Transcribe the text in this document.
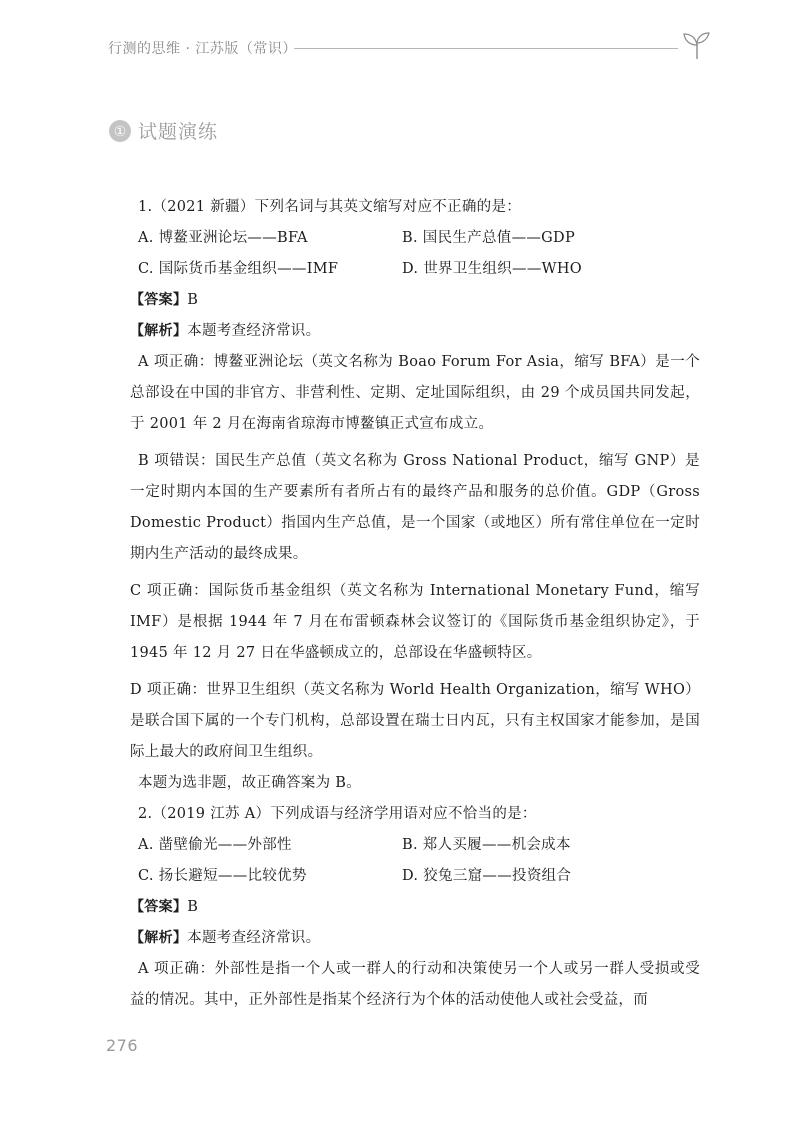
行测的思维 · 江苏版（常识）
① 试题演练
1.（2021 新疆）下列名词与其英文缩写对应不正确的是：
A. 博鳌亚洲论坛——BFA	B. 国民生产总值——GDP
C. 国际货币基金组织——IMF	D. 世界卫生组织——WHO
【答案】B
【解析】本题考查经济常识。
A 项正确：博鳌亚洲论坛（英文名称为 Boao Forum For Asia，缩写 BFA）是一个总部设在中国的非官方、非营利性、定期、定址国际组织，由 29 个成员国共同发起，于 2001 年 2 月在海南省琼海市博鳌镇正式宣布成立。
B 项错误：国民生产总值（英文名称为 Gross National Product，缩写 GNP）是一定时期内本国的生产要素所有者所占有的最终产品和服务的总价值。GDP（Gross Domestic Product）指国内生产总值，是一个国家（或地区）所有常住单位在一定时期内生产活动的最终成果。
C 项正确：国际货币基金组织（英文名称为 International Monetary Fund，缩写 IMF）是根据 1944 年 7 月在布雷顿森林会议签订的《国际货币基金组织协定》，于 1945 年 12 月 27 日在华盛顿成立的，总部设在华盛顿特区。
D 项正确：世界卫生组织（英文名称为 World Health Organization，缩写 WHO）是联合国下属的一个专门机构，总部设置在瑞士日内瓦，只有主权国家才能参加，是国际上最大的政府间卫生组织。
本题为选非题，故正确答案为 B。
2.（2019 江苏 A）下列成语与经济学用语对应不恰当的是：
A. 凿壁偷光——外部性	B. 郑人买履——机会成本
C. 扬长避短——比较优势	D. 狡兔三窟——投资组合
【答案】B
【解析】本题考查经济常识。
A 项正确：外部性是指一个人或一群人的行动和决策使另一个人或另一群人受损或受益的情况。其中，正外部性是指某个经济行为个体的活动使他人或社会受益，而
276
